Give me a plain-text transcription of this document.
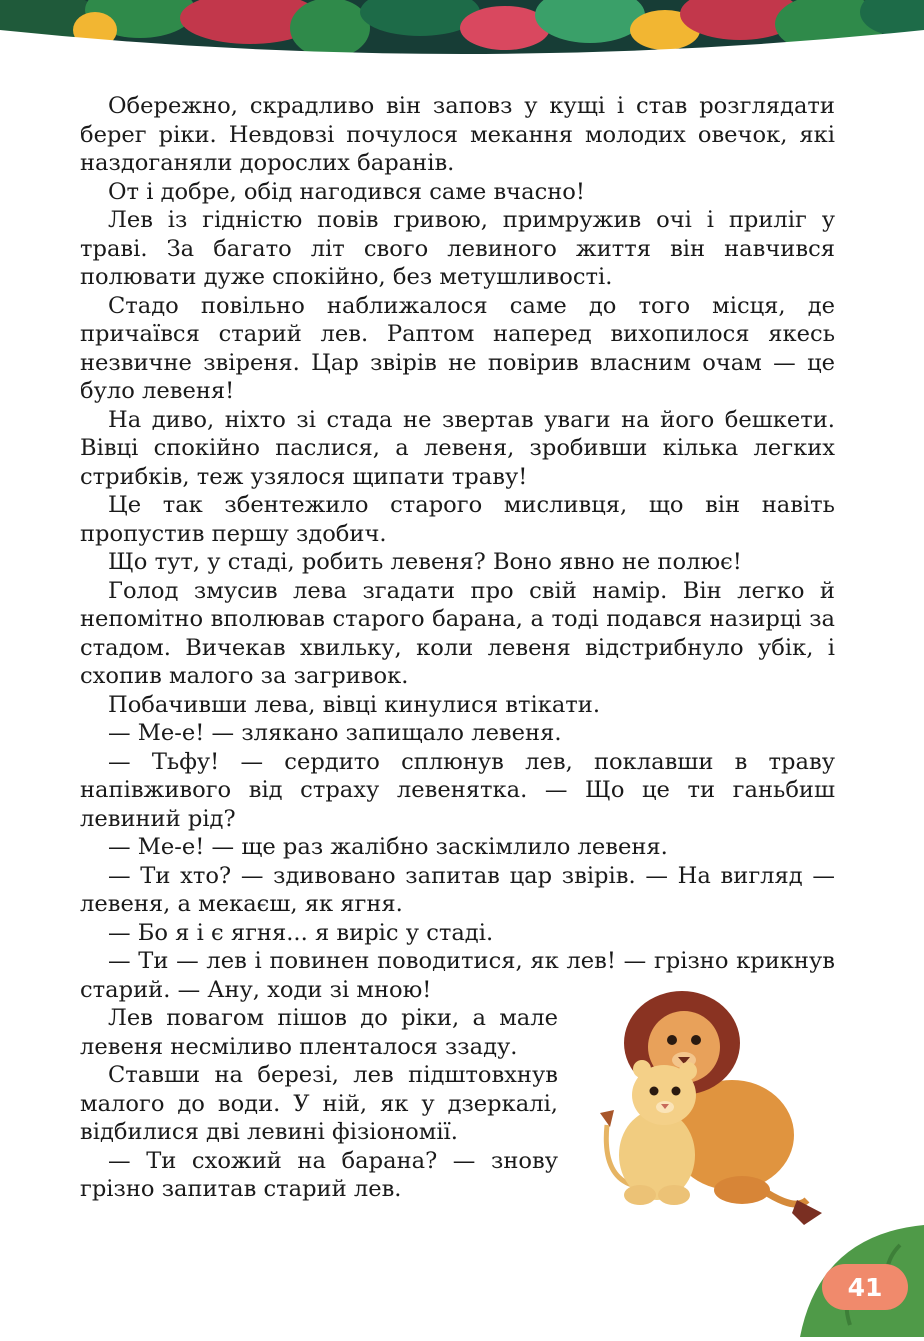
Обережно, скрадливо він заповз у кущі і став розглядати берег ріки. Невдовзі почулося мекання молодих овечок, які наздоганяли дорослих баранів.

От і добре, обід нагодився саме вчасно!

Лев із гідністю повів гривою, примружив очі і приліг у траві. За багато літ свого левиного життя він навчився полювати дуже спокійно, без метушливості.

Стадо повільно наближалося саме до того місця, де причаївся старий лев. Раптом наперед вихопилося якесь незвичне звіреня. Цар звірів не повірив власним очам — це було левеня!

На диво, ніхто зі стада не звертав уваги на його бешкети. Вівці спокійно паслися, а левеня, зробивши кілька легких стрибків, теж узялося щипати траву!

Це так збентежило старого мисливця, що він навіть пропустив першу здобич.

Що тут, у стаді, робить левеня? Воно явно не полює!

Голод змусив лева згадати про свій намір. Він легко й непомітно вполював старого барана, а тоді подався назирці за стадом. Вичекав хвильку, коли левеня відстрибнуло убік, і схопив малого за загривок.

Побачивши лева, вівці кинулися втікати.

— Ме-е! — злякано запищало левеня.

— Тьфу! — сердито сплюнув лев, поклавши в траву напівживого від страху левенятка. — Що це ти ганьбиш левиний рід?

— Ме-е! — ще раз жалібно заскімлило левеня.

— Ти хто? — здивовано запитав цар звірів. — На вигляд — левеня, а мекаєш, як ягня.

— Бо я і є ягня... я виріс у стаді.

— Ти — лев і повинен поводитися, як лев! — грізно крикнув старий. — Ану, ходи зі мною!

Лев повагом пішов до ріки, а мале левеня несміливо пленталося ззаду.

Ставши на березі, лев підштовхнув малого до води. У ній, як у дзеркалі, відбилися дві левині фізіономії.

— Ти схожий на барана? — знову грізно запитав старий лев.

41
